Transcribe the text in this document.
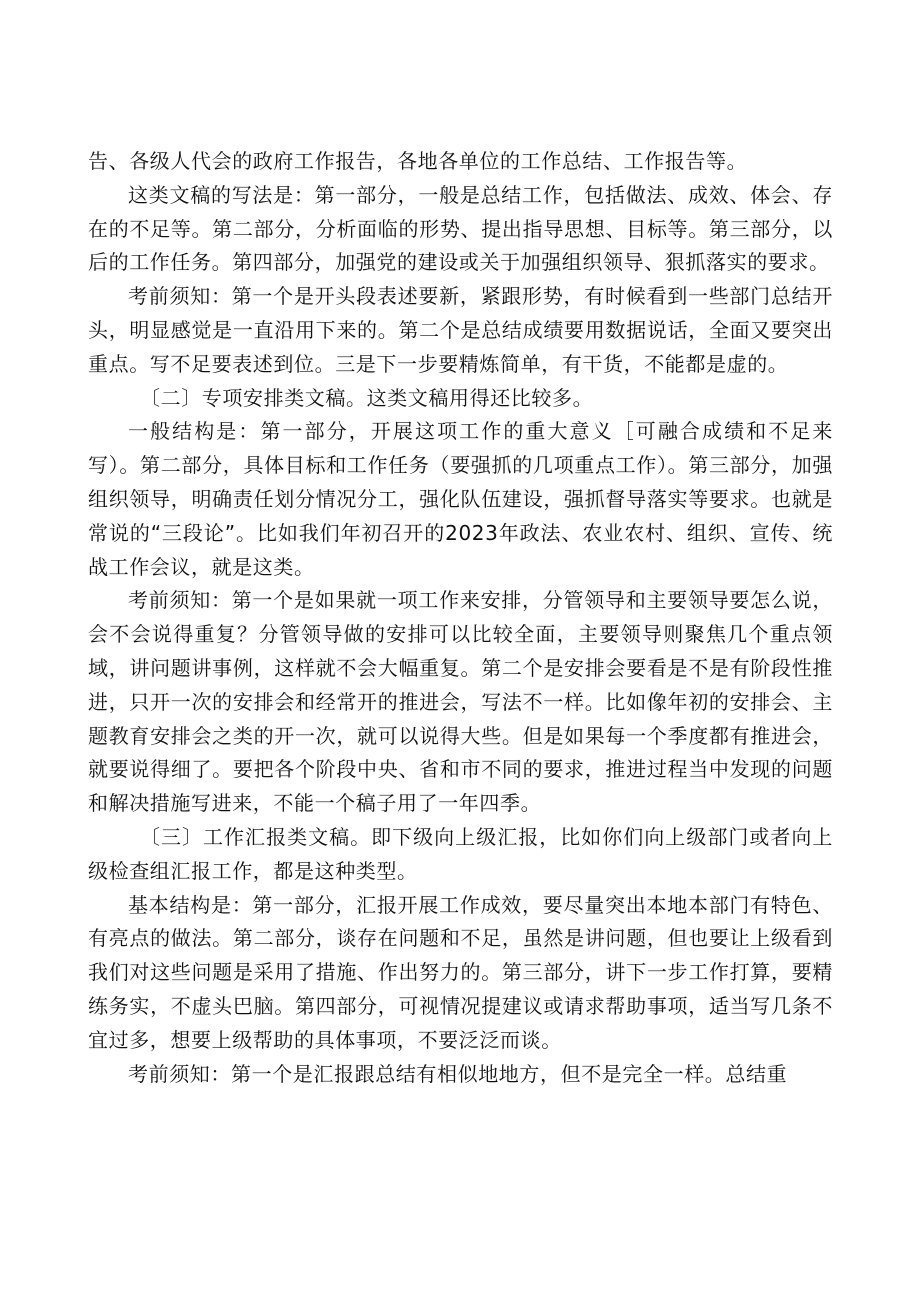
告、各级人代会的政府工作报告，各地各单位的工作总结、工作报告等。

这类文稿的写法是：第一部分，一般是总结工作，包括做法、成效、体会、存在的不足等。第二部分，分析面临的形势、提出指导思想、目标等。第三部分，以后的工作任务。第四部分，加强党的建设或关于加强组织领导、狠抓落实的要求。

考前须知：第一个是开头段表述要新，紧跟形势，有时候看到一些部门总结开头，明显感觉是一直沿用下来的。第二个是总结成绩要用数据说话，全面又要突出重点。写不足要表述到位。三是下一步要精炼简单，有干货，不能都是虚的。

〔二〕专项安排类文稿。这类文稿用得还比较多。

一般结构是：第一部分，开展这项工作的重大意义［可融合成绩和不足来写）。第二部分，具体目标和工作任务（要强抓的几项重点工作）。第三部分，加强组织领导，明确责任划分情况分工，强化队伍建设，强抓督导落实等要求。也就是常说的“三段论”。比如我们年初召开的2023年政法、农业农村、组织、宣传、统战工作会议，就是这类。

考前须知：第一个是如果就一项工作来安排，分管领导和主要领导要怎么说，会不会说得重复？分管领导做的安排可以比较全面，主要领导则聚焦几个重点领域，讲问题讲事例，这样就不会大幅重复。第二个是安排会要看是不是有阶段性推进，只开一次的安排会和经常开的推进会，写法不一样。比如像年初的安排会、主题教育安排会之类的开一次，就可以说得大些。但是如果每一个季度都有推进会，就要说得细了。要把各个阶段中央、省和市不同的要求，推进过程当中发现的问题和解决措施写进来，不能一个稿子用了一年四季。

〔三〕工作汇报类文稿。即下级向上级汇报，比如你们向上级部门或者向上级检查组汇报工作，都是这种类型。

基本结构是：第一部分，汇报开展工作成效，要尽量突出本地本部门有特色、有亮点的做法。第二部分，谈存在问题和不足，虽然是讲问题，但也要让上级看到我们对这些问题是采用了措施、作出努力的。第三部分，讲下一步工作打算，要精练务实，不虚头巴脑。第四部分，可视情况提建议或请求帮助事项，适当写几条不宜过多，想要上级帮助的具体事项，不要泛泛而谈。

考前须知：第一个是汇报跟总结有相似地地方，但不是完全一样。总结重
